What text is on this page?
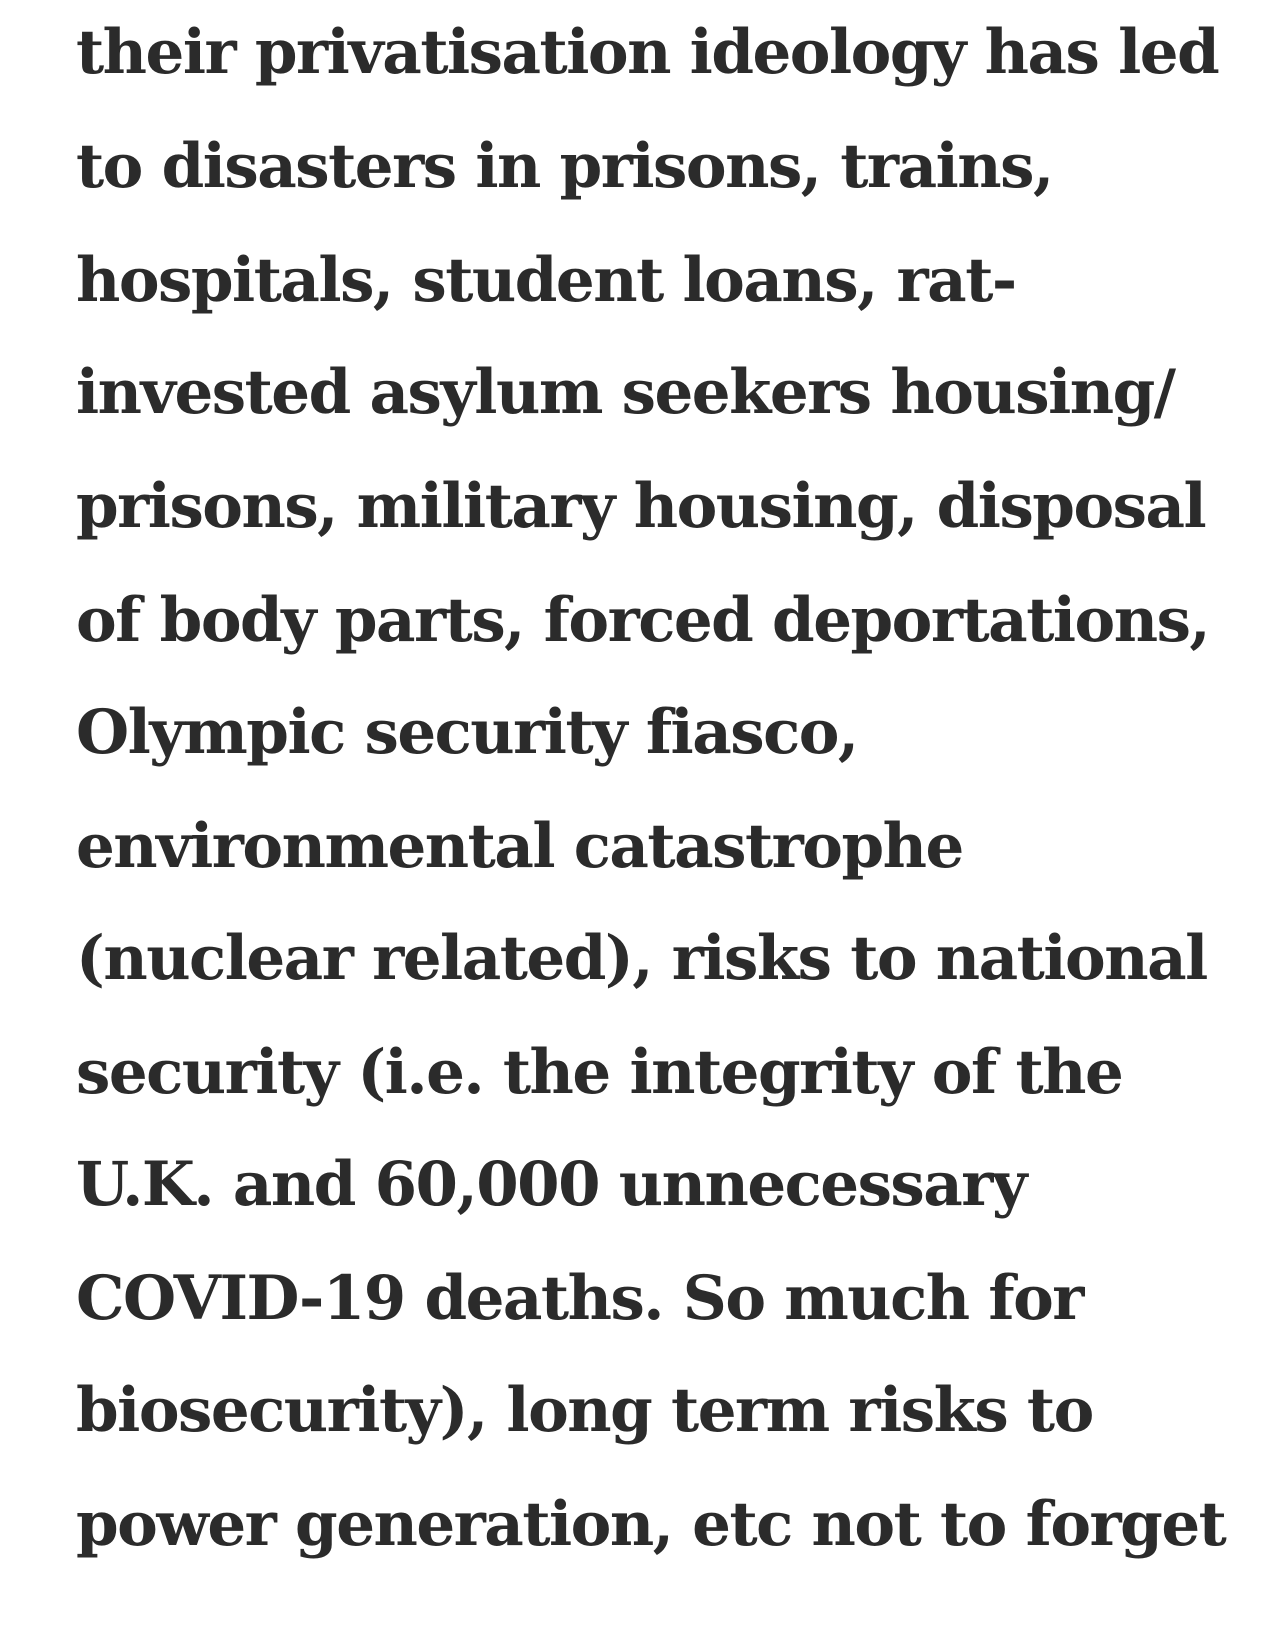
their privatisation ideology has led
to disasters in prisons, trains,
hospitals, student loans, rat-
invested asylum seekers housing/
prisons, military housing, disposal
of body parts, forced deportations,
Olympic security fiasco,
environmental catastrophe
(nuclear related), risks to national
security (i.e. the integrity of the
U.K. and 60,000 unnecessary
COVID-19 deaths. So much for
biosecurity), long term risks to
power generation, etc not to forget
